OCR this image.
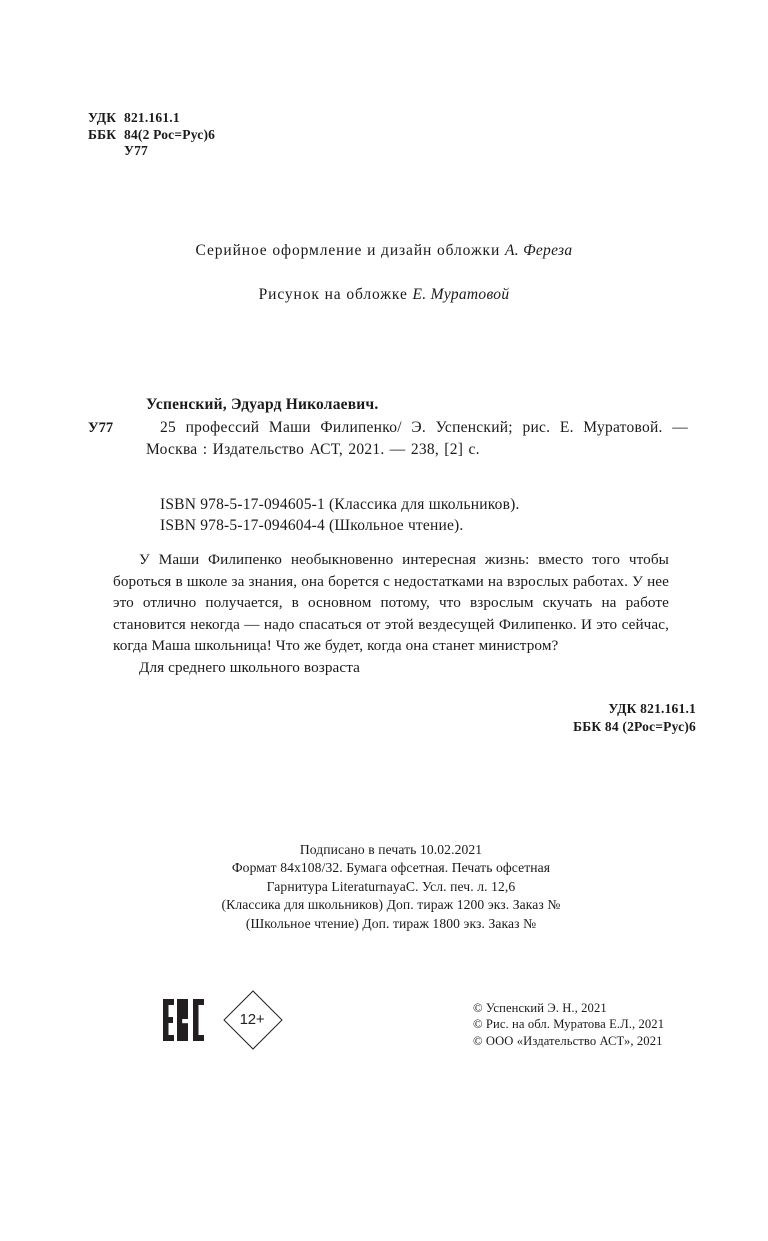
УДК 821.161.1
ББК 84(2 Рос=Рус)6
У77
Серийное оформление и дизайн обложки А. Фереза
Рисунок на обложке Е. Муратовой
Успенский, Эдуард Николаевич.
У77	25 профессий Маши Филипенко/ Э. Успенский; рис. Е. Муратовой. — Москва : Издательство АСТ, 2021. — 238, [2] с.
ISBN 978-5-17-094605-1 (Классика для школьников).
ISBN 978-5-17-094604-4 (Школьное чтение).

У Маши Филипенко необыкновенно интересная жизнь: вместо того чтобы бороться в школе за знания, она борется с недостатками на взрослых работах. У нее это отлично получается, в основном потому, что взрослым скучать на работе становится некогда — надо спасаться от этой вездесущей Филипенко. И это сейчас, когда Маша школьница! Что же будет, когда она станет министром?

Для среднего школьного возраста

УДК 821.161.1
ББК 84 (2Рос=Рус)6
Подписано в печать 10.02.2021
Формат 84х108/32. Бумага офсетная. Печать офсетная
Гарнитура LiteraturnayaC. Усл. печ. л. 12,6
(Классика для школьников) Доп. тираж 1200 экз. Заказ №
(Школьное чтение) Доп. тираж 1800 экз. Заказ №
12+
© Успенский Э. Н., 2021
© Рис. на обл. Муратова Е.Л., 2021
© ООО «Издательство АСТ», 2021
